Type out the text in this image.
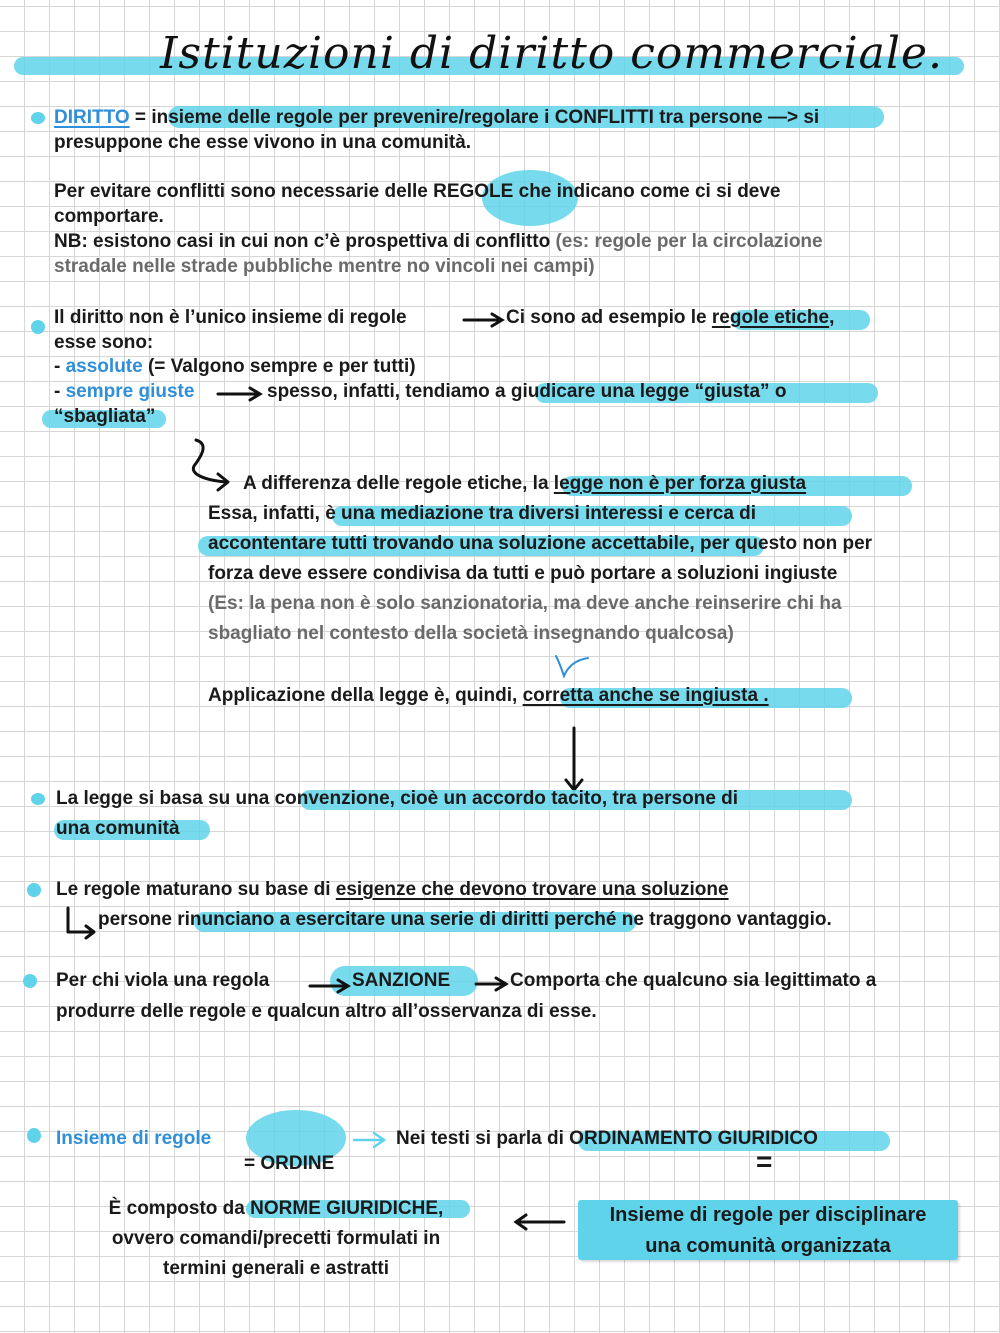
Istituzioni di diritto commerciale.
DIRITTO = insieme delle regole per prevenire/regolare i CONFLITTI tra persone —> si
presuppone che esse vivono in una comunità.
Per evitare conflitti sono necessarie delle REGOLE che indicano come ci si deve
comportare.
NB: esistono casi in cui non c’è prospettiva di conflitto (es: regole per la circolazione
stradale nelle strade pubbliche mentre no vincoli nei campi)
Il diritto non è l’unico insieme di regole	Ci sono ad esempio le regole etiche,
esse sono:
- assolute (= Valgono sempre e per tutti)
- sempre giuste	spesso, infatti, tendiamo a giudicare una legge “giusta” o
“sbagliata”
A differenza delle regole etiche, la legge non è per forza giusta
Essa, infatti, è una mediazione tra diversi interessi e cerca di
accontentare tutti trovando una soluzione accettabile, per questo non per
forza deve essere condivisa da tutti e può portare a soluzioni ingiuste
(Es: la pena non è solo sanzionatoria, ma deve anche reinserire chi ha
sbagliato nel contesto della società insegnando qualcosa)
Applicazione della legge è, quindi, corretta anche se ingiusta .
La legge si basa su una convenzione, cioè un accordo tacito, tra persone di
una comunità
Le regole maturano su base di esigenze che devono trovare una soluzione
persone rinunciano a esercitare una serie di diritti perché ne traggono vantaggio.
Per chi viola una regola	SANZIONE	Comporta che qualcuno sia legittimato a
produrre delle regole e qualcun altro all’osservanza di esse.
Insieme di regole
= ORDINE
Nei testi si parla di ORDINAMENTO GIURIDICO
=
È composto da NORME GIURIDICHE,
ovvero comandi/precetti formulati in
termini generali e astratti
Insieme di regole per disciplinare
una comunità organizzata
